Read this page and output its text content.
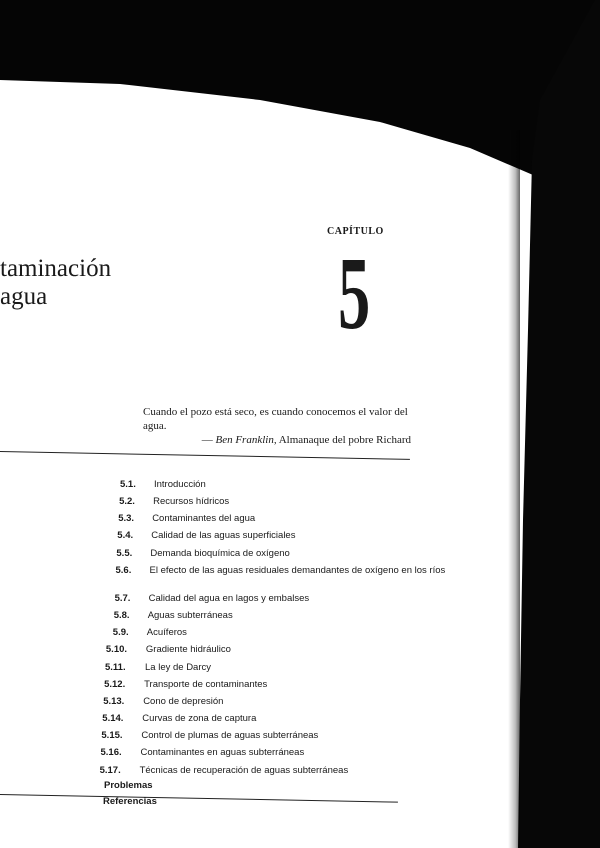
CAPÍTULO
5
taminación
agua
Cuando el pozo está seco, es cuando conocemos el valor del agua.
— Ben Franklin, Almanaque del pobre Richard
5.1.	Introducción
5.2.	Recursos hídricos
5.3.	Contaminantes del agua
5.4.	Calidad de las aguas superficiales
5.5.	Demanda bioquímica de oxígeno
5.6.	El efecto de las aguas residuales demandantes de oxígeno en los ríos
5.7.	Calidad del agua en lagos y embalses
5.8.	Aguas subterráneas
5.9.	Acuíferos
5.10.	Gradiente hidráulico
5.11.	La ley de Darcy
5.12.	Transporte de contaminantes
5.13.	Cono de depresión
5.14.	Curvas de zona de captura
5.15.	Control de plumas de aguas subterráneas
5.16.	Contaminantes en aguas subterráneas
5.17.	Técnicas de recuperación de aguas subterráneas
Problemas
Referencias
